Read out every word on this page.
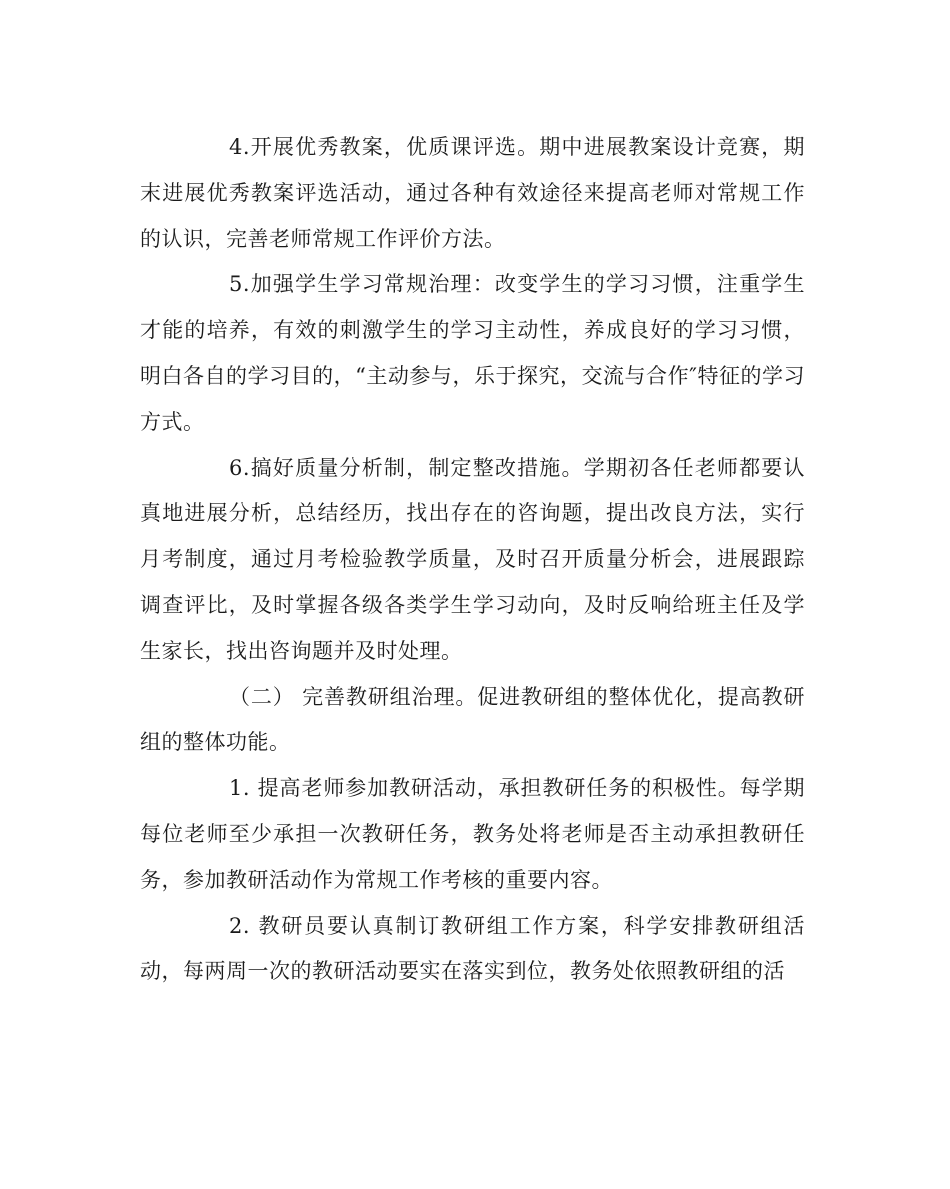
4.开展优秀教案，优质课评选。期中进展教案设计竞赛，期末进展优秀教案评选活动，通过各种有效途径来提高老师对常规工作的认识，完善老师常规工作评价方法。

5.加强学生学习常规治理：改变学生的学习习惯，注重学生才能的培养，有效的刺激学生的学习主动性，养成良好的学习习惯，明白各自的学习目的，“主动参与，乐于探究，交流与合作″特征的学习方式。

6.搞好质量分析制，制定整改措施。学期初各任老师都要认真地进展分析，总结经历，找出存在的咨询题，提出改良方法，实行月考制度，通过月考检验教学质量，及时召开质量分析会，进展跟踪调查评比，及时掌握各级各类学生学习动向，及时反响给班主任及学生家长，找出咨询题并及时处理。

（二） 完善教研组治理。促进教研组的整体优化，提高教研组的整体功能。

1. 提高老师参加教研活动，承担教研任务的积极性。每学期每位老师至少承担一次教研任务，教务处将老师是否主动承担教研任务，参加教研活动作为常规工作考核的重要内容。

2. 教研员要认真制订教研组工作方案，科学安排教研组活动，每两周一次的教研活动要实在落实到位，教务处依照教研组的活
